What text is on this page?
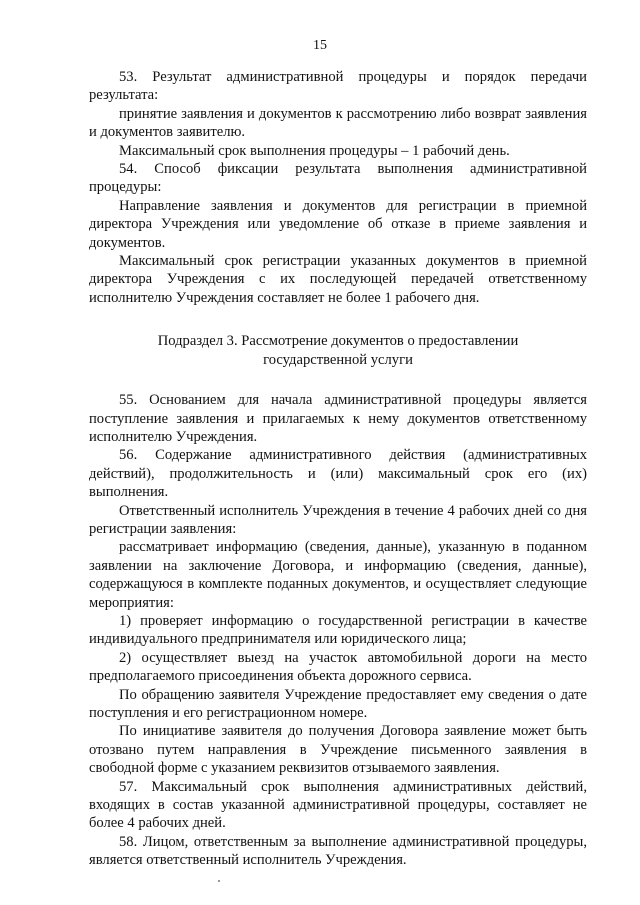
15

53. Результат административной процедуры и порядок передачи результата:

принятие заявления и документов к рассмотрению либо возврат заявления и документов заявителю.

Максимальный срок выполнения процедуры – 1 рабочий день.

54. Способ фиксации результата выполнения административной процедуры:

Направление заявления и документов для регистрации в приемной директора Учреждения или уведомление об отказе в приеме заявления и документов.

Максимальный срок регистрации указанных документов в приемной директора Учреждения с их последующей передачей ответственному исполнителю Учреждения составляет не более 1 рабочего дня.

Подраздел 3. Рассмотрение документов о предоставлении государственной услуги

55. Основанием для начала административной процедуры является поступление заявления и прилагаемых к нему документов ответственному исполнителю Учреждения.

56. Содержание административного действия (административных действий), продолжительность и (или) максимальный срок его (их) выполнения.

Ответственный исполнитель Учреждения в течение 4 рабочих дней со дня регистрации заявления:

рассматривает информацию (сведения, данные), указанную в поданном заявлении на заключение Договора, и информацию (сведения, данные), содержащуюся в комплекте поданных документов, и осуществляет следующие мероприятия:

1) проверяет информацию о государственной регистрации в качестве индивидуального предпринимателя или юридического лица;

2) осуществляет выезд на участок автомобильной дороги на место предполагаемого присоединения объекта дорожного сервиса.

По обращению заявителя Учреждение предоставляет ему сведения о дате поступления и его регистрационном номере.

По инициативе заявителя до получения Договора заявление может быть отозвано путем направления в Учреждение письменного заявления в свободной форме с указанием реквизитов отзываемого заявления.

57. Максимальный срок выполнения административных действий, входящих в состав указанной административной процедуры, составляет не более 4 рабочих дней.

58. Лицом, ответственным за выполнение административной процедуры, является ответственный исполнитель Учреждения.
